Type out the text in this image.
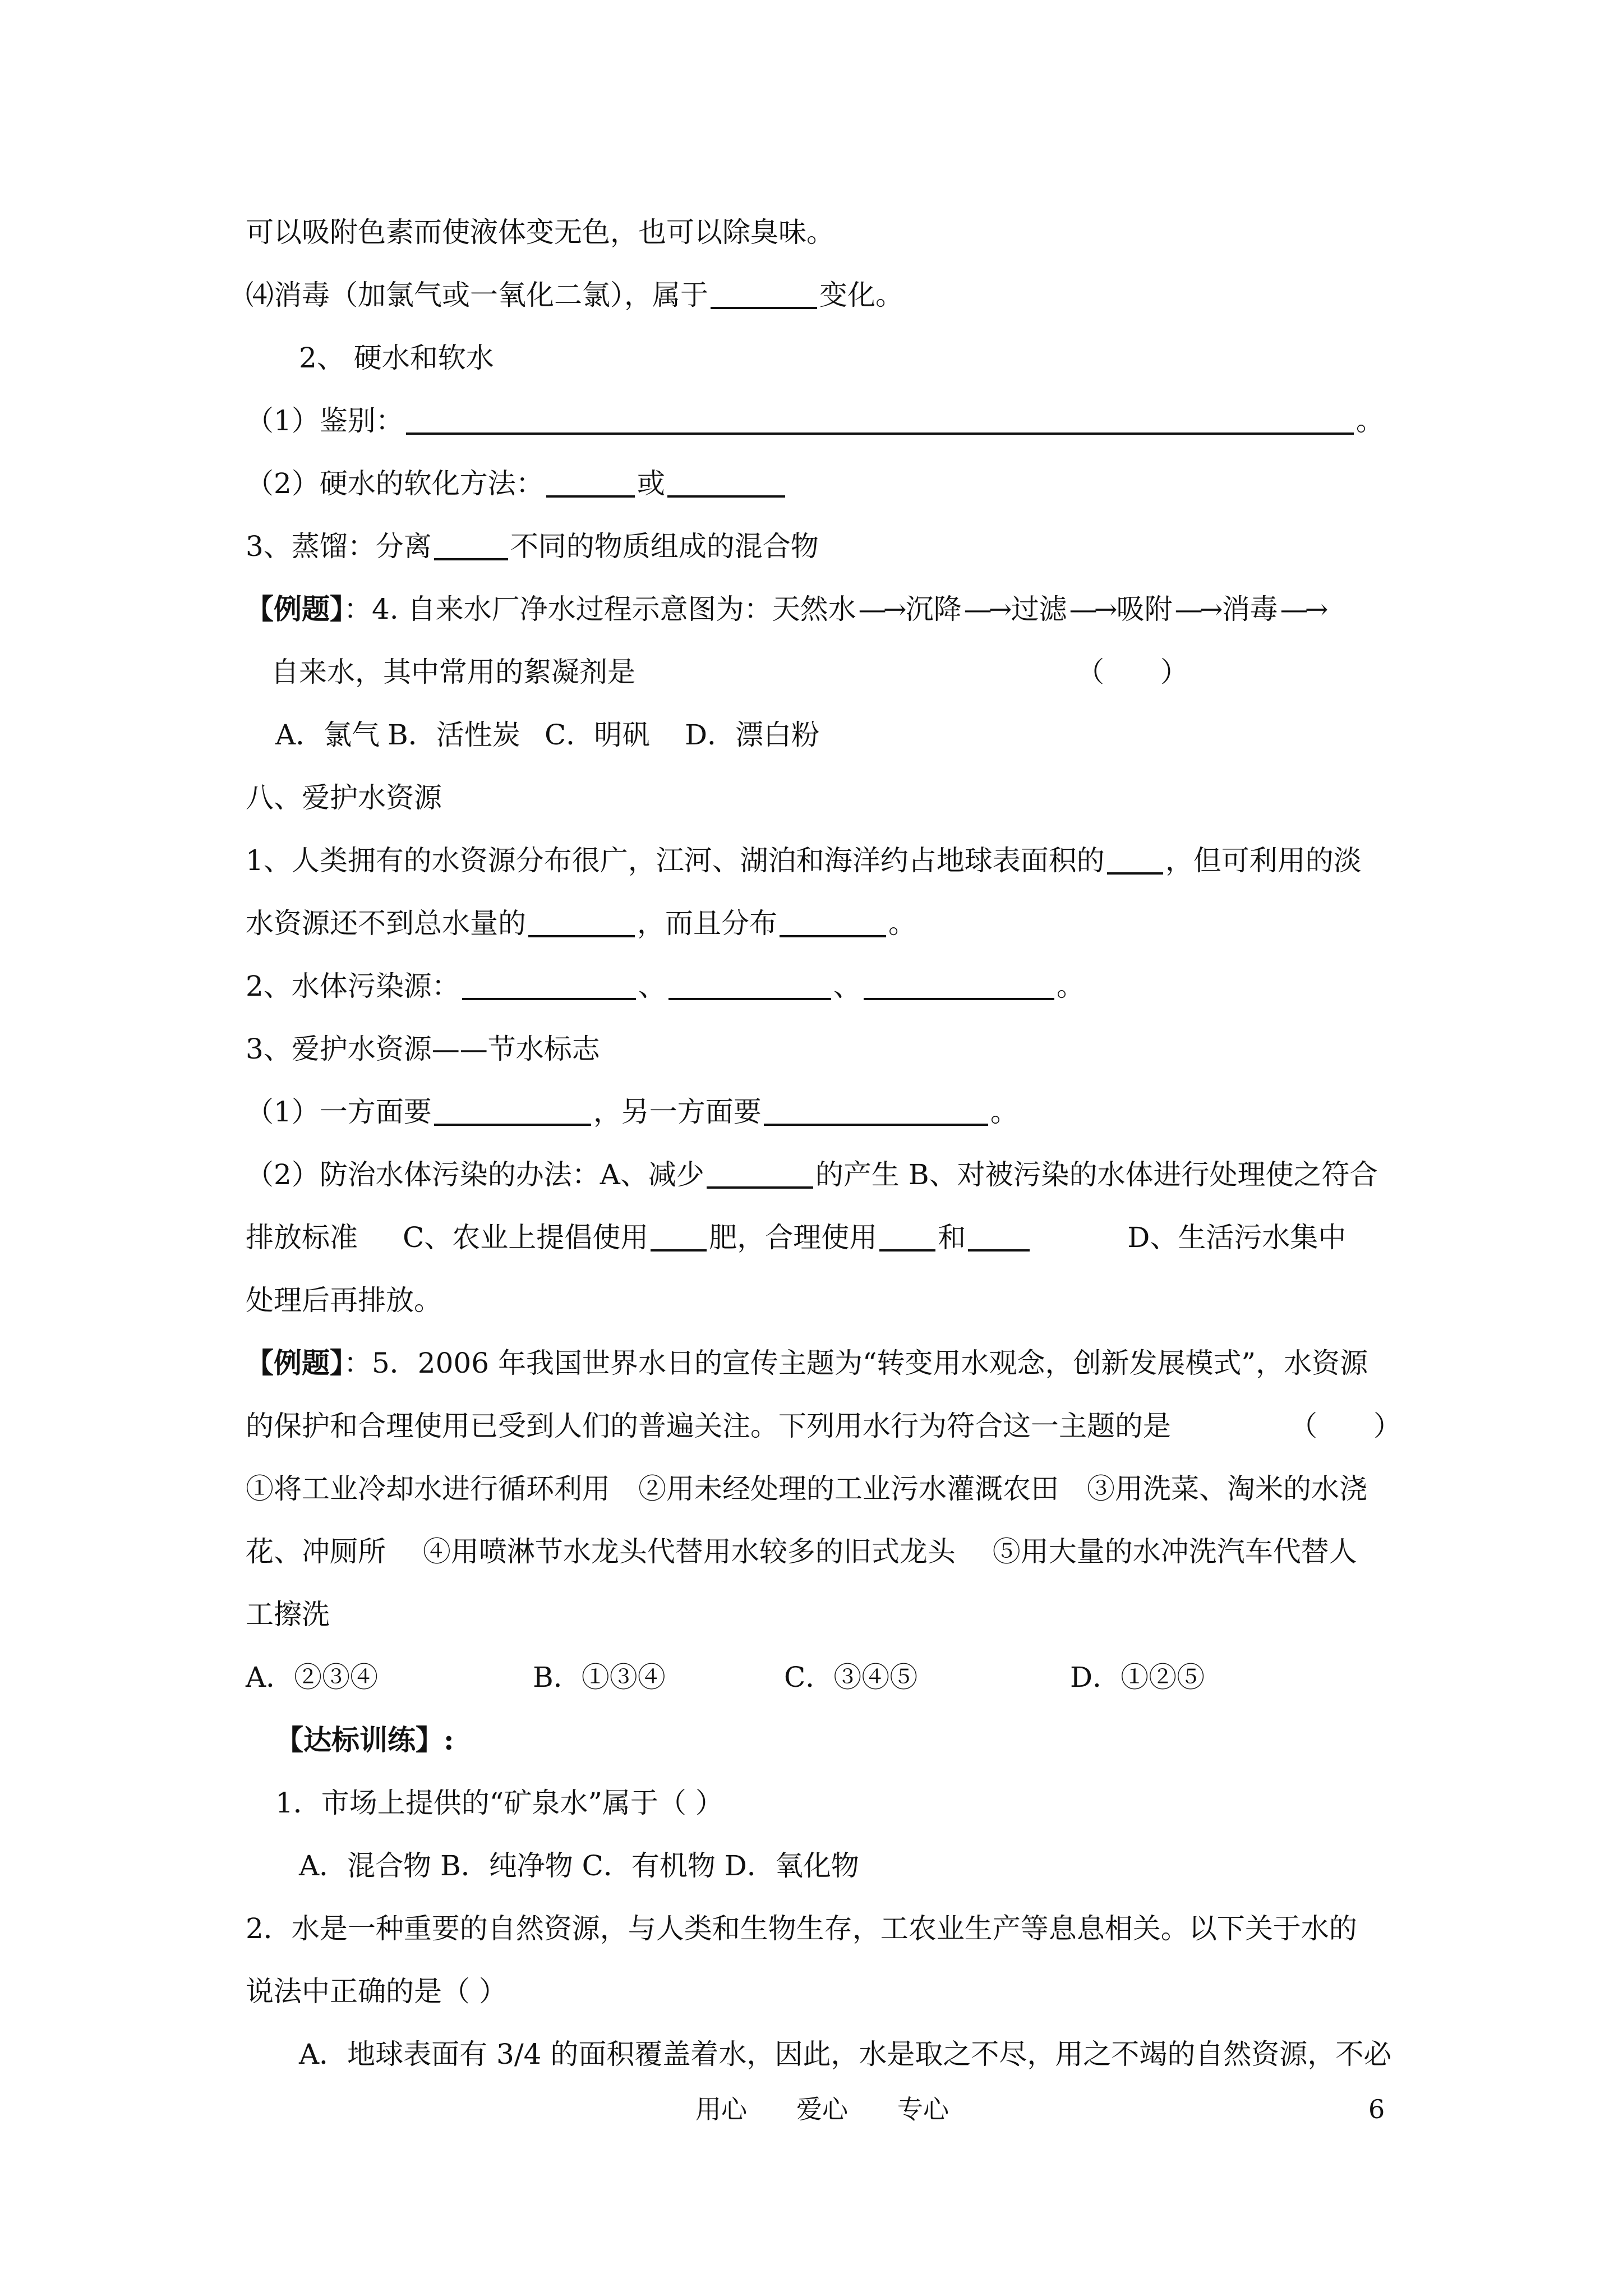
可以吸附色素而使液体变无色，也可以除臭味。
⑷消毒（加氯气或一氧化二氯），属于	变化。
2、 硬水和软水
（1）鉴别：	。
（2）硬水的软化方法：	或
3、蒸馏：分离	不同的物质组成的混合物
【例题】：4. 自来水厂净水过程示意图为：天然水—→沉降—→过滤—→吸附—→消毒—→
自来水，其中常用的絮凝剂是	（　　）
A．氯气 B．活性炭 C．明矾 D．漂白粉
八、爱护水资源
1、人类拥有的水资源分布很广，江河、湖泊和海洋约占地球表面积的 ，但可利用的淡
水资源还不到总水量的	，而且分布	。
2、水体污染源：	、	、	。
3、爱护水资源——节水标志
（1）一方面要	，另一方面要	。
（2）防治水体污染的办法：A、减少	的产生 B、对被污染的水体进行处理使之符合
排放标准 C、农业上提倡使用 肥，合理使用 和	D、生活污水集中
处理后再排放。
【例题】：5．2006 年我国世界水日的宣传主题为“转变用水观念，创新发展模式”，水资源
的保护和合理使用已受到人们的普遍关注。下列用水行为符合这一主题的是	（　　）
①将工业冷却水进行循环利用　②用未经处理的工业污水灌溉农田　③用洗菜、淘米的水浇
花、冲厕所　 ④用喷淋节水龙头代替用水较多的旧式龙头　 ⑤用大量的水冲洗汽车代替人
工擦洗
A．②③④	B．①③④	C．③④⑤	D．①②⑤
【达标训练】:
1．市场上提供的“矿泉水”属于（ ）
A．混合物 B．纯净物 C．有机物 D．氧化物
2．水是一种重要的自然资源，与人类和生物生存，工农业生产等息息相关。以下关于水的
说法中正确的是（ ）
A．地球表面有 3/4 的面积覆盖着水，因此，水是取之不尽，用之不竭的自然资源，不必
用心 爱心 专心	6
